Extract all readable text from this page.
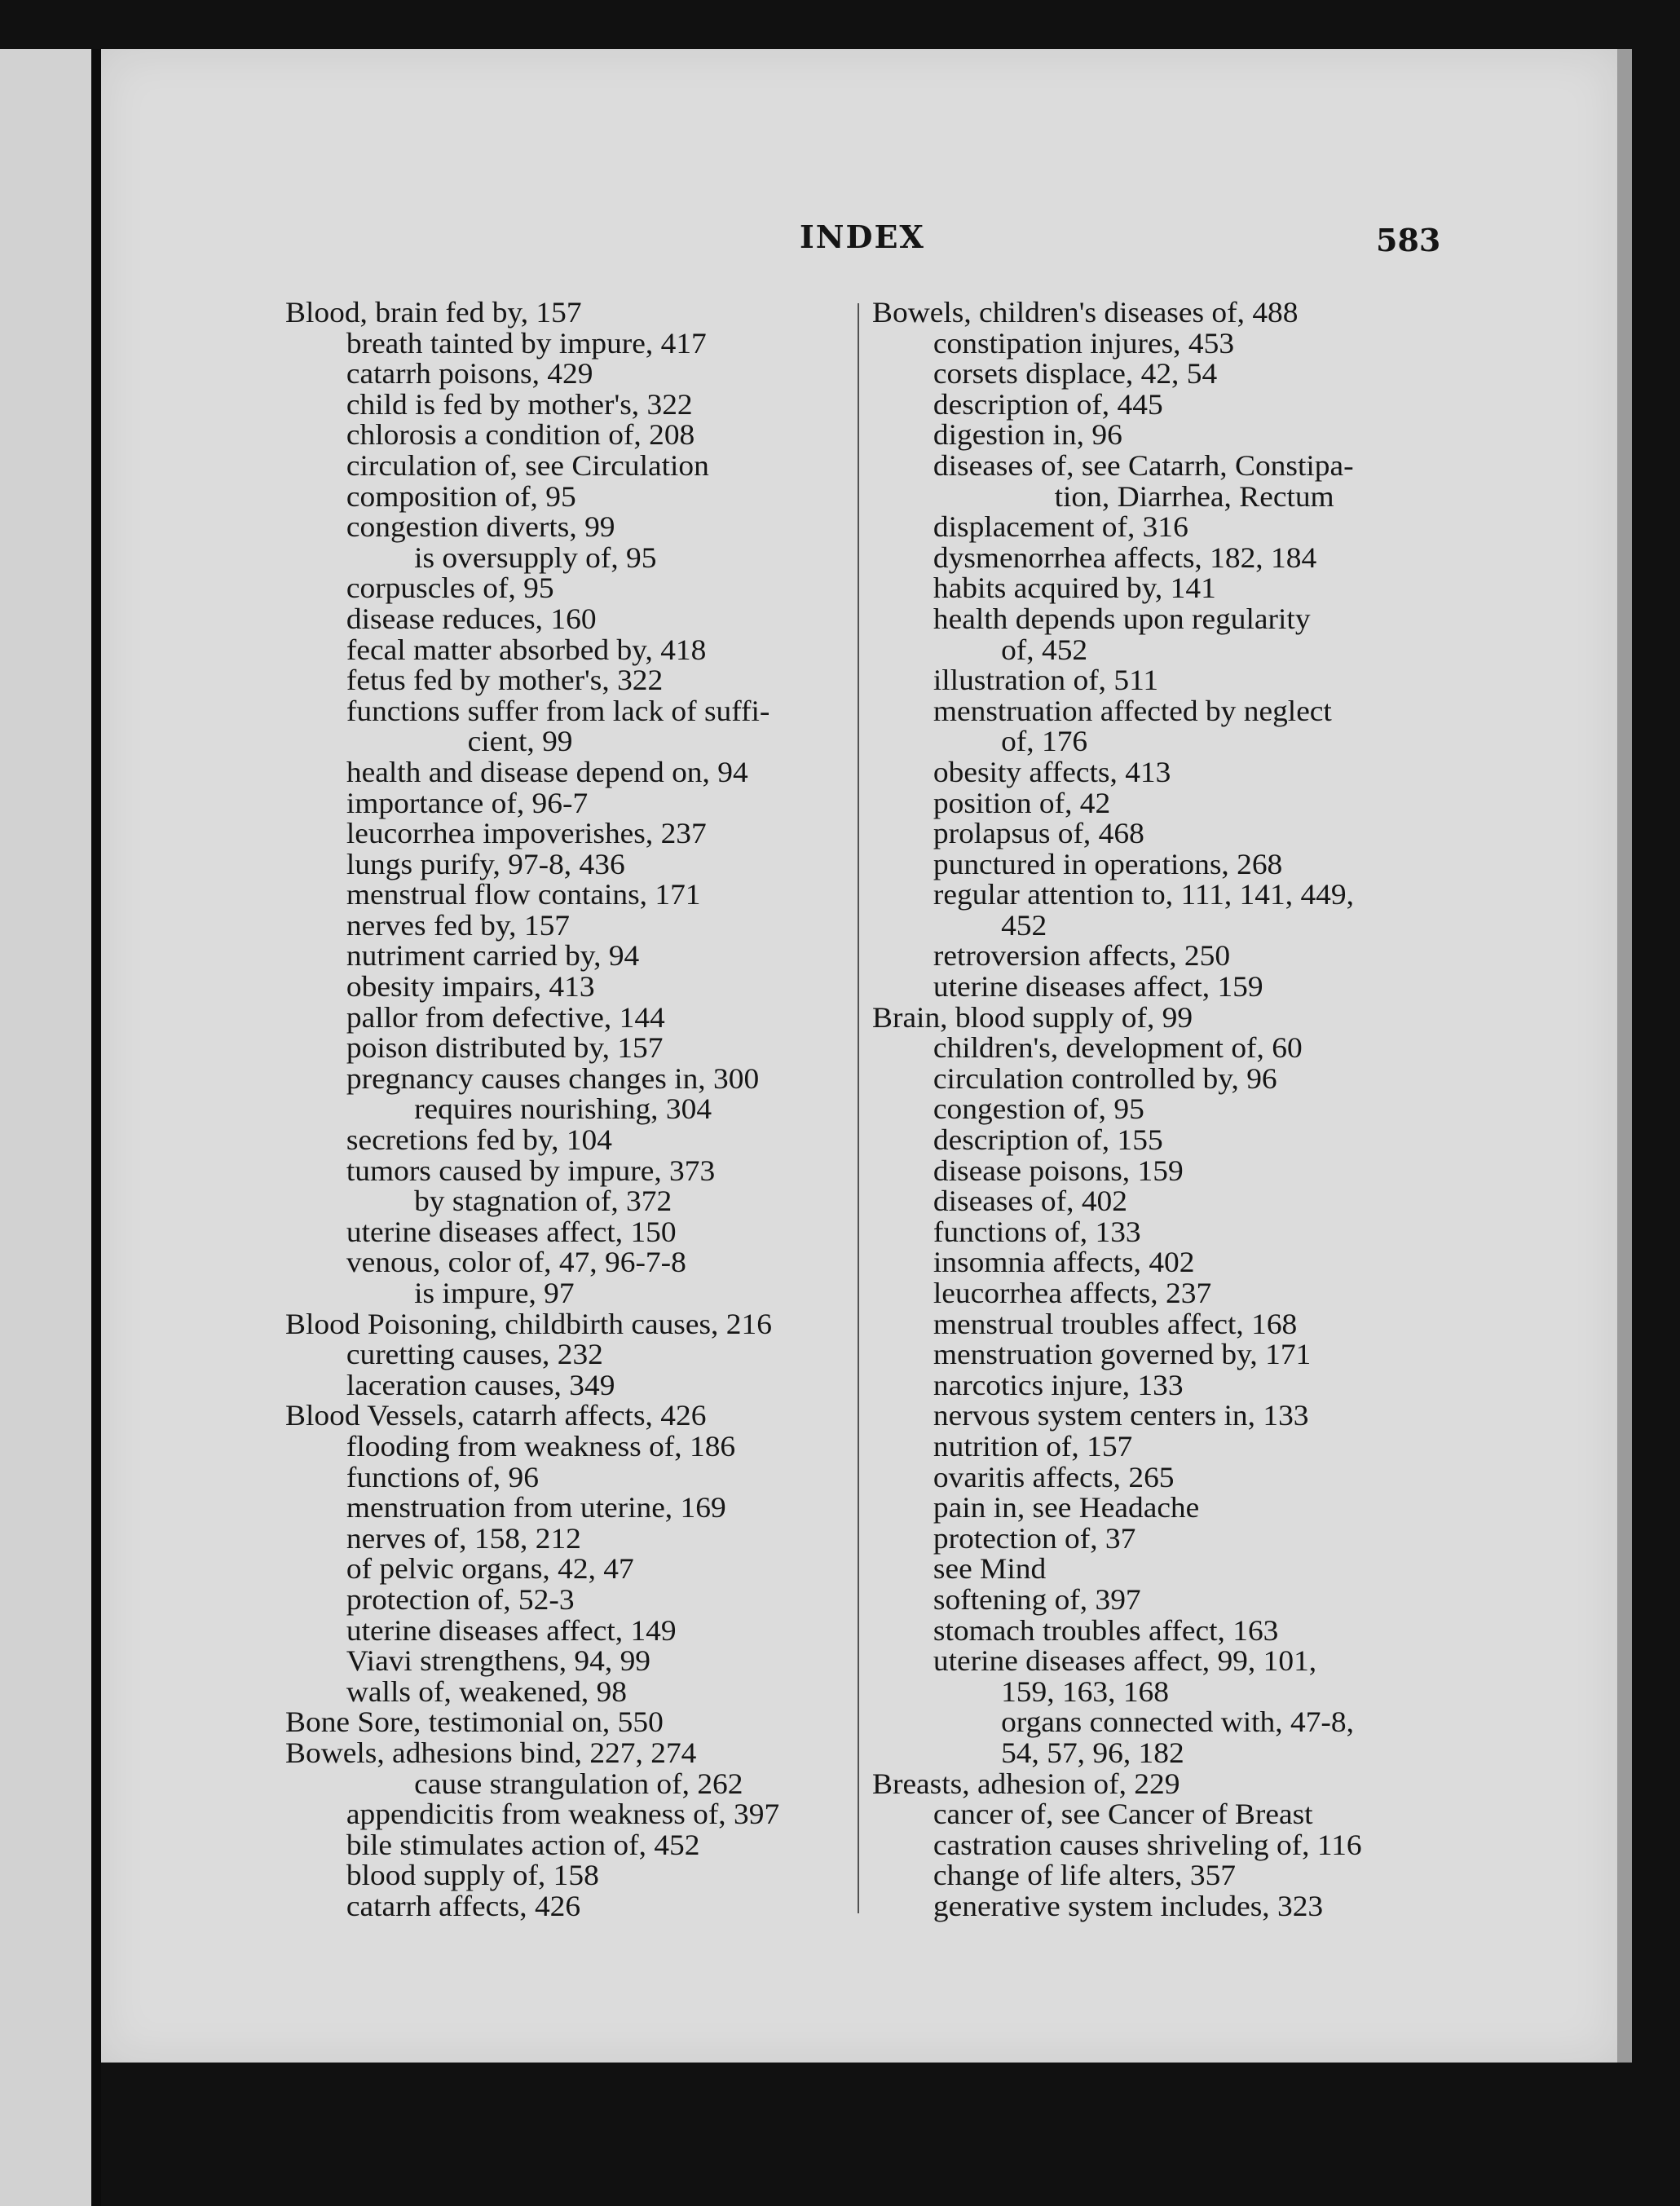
INDEX	583
Blood, brain fed by, 157
breath tainted by impure, 417
catarrh poisons, 429
child is fed by mother's, 322
chlorosis a condition of, 208
circulation of, see Circulation
composition of, 95
congestion diverts, 99
is oversupply of, 95
corpuscles of, 95
disease reduces, 160
fecal matter absorbed by, 418
fetus fed by mother's, 322
functions suffer from lack of suffi-
cient, 99
health and disease depend on, 94
importance of, 96-7
leucorrhea impoverishes, 237
lungs purify, 97-8, 436
menstrual flow contains, 171
nerves fed by, 157
nutriment carried by, 94
obesity impairs, 413
pallor from defective, 144
poison distributed by, 157
pregnancy causes changes in, 300
requires nourishing, 304
secretions fed by, 104
tumors caused by impure, 373
by stagnation of, 372
uterine diseases affect, 150
venous, color of, 47, 96-7-8
is impure, 97
Blood Poisoning, childbirth causes, 216
curetting causes, 232
laceration causes, 349
Blood Vessels, catarrh affects, 426
flooding from weakness of, 186
functions of, 96
menstruation from uterine, 169
nerves of, 158, 212
of pelvic organs, 42, 47
protection of, 52-3
uterine diseases affect, 149
Viavi strengthens, 94, 99
walls of, weakened, 98
Bone Sore, testimonial on, 550
Bowels, adhesions bind, 227, 274
cause strangulation of, 262
appendicitis from weakness of, 397
bile stimulates action of, 452
blood supply of, 158
catarrh affects, 426
Bowels, children's diseases of, 488
constipation injures, 453
corsets displace, 42, 54
description of, 445
digestion in, 96
diseases of, see Catarrh, Constipa-
tion, Diarrhea, Rectum
displacement of, 316
dysmenorrhea affects, 182, 184
habits acquired by, 141
health depends upon regularity
of, 452
illustration of, 511
menstruation affected by neglect
of, 176
obesity affects, 413
position of, 42
prolapsus of, 468
punctured in operations, 268
regular attention to, 111, 141, 449,
452
retroversion affects, 250
uterine diseases affect, 159
Brain, blood supply of, 99
children's, development of, 60
circulation controlled by, 96
congestion of, 95
description of, 155
disease poisons, 159
diseases of, 402
functions of, 133
insomnia affects, 402
leucorrhea affects, 237
menstrual troubles affect, 168
menstruation governed by, 171
narcotics injure, 133
nervous system centers in, 133
nutrition of, 157
ovaritis affects, 265
pain in, see Headache
protection of, 37
see Mind
softening of, 397
stomach troubles affect, 163
uterine diseases affect, 99, 101,
159, 163, 168
organs connected with, 47-8,
54, 57, 96, 182
Breasts, adhesion of, 229
cancer of, see Cancer of Breast
castration causes shriveling of, 116
change of life alters, 357
generative system includes, 323
